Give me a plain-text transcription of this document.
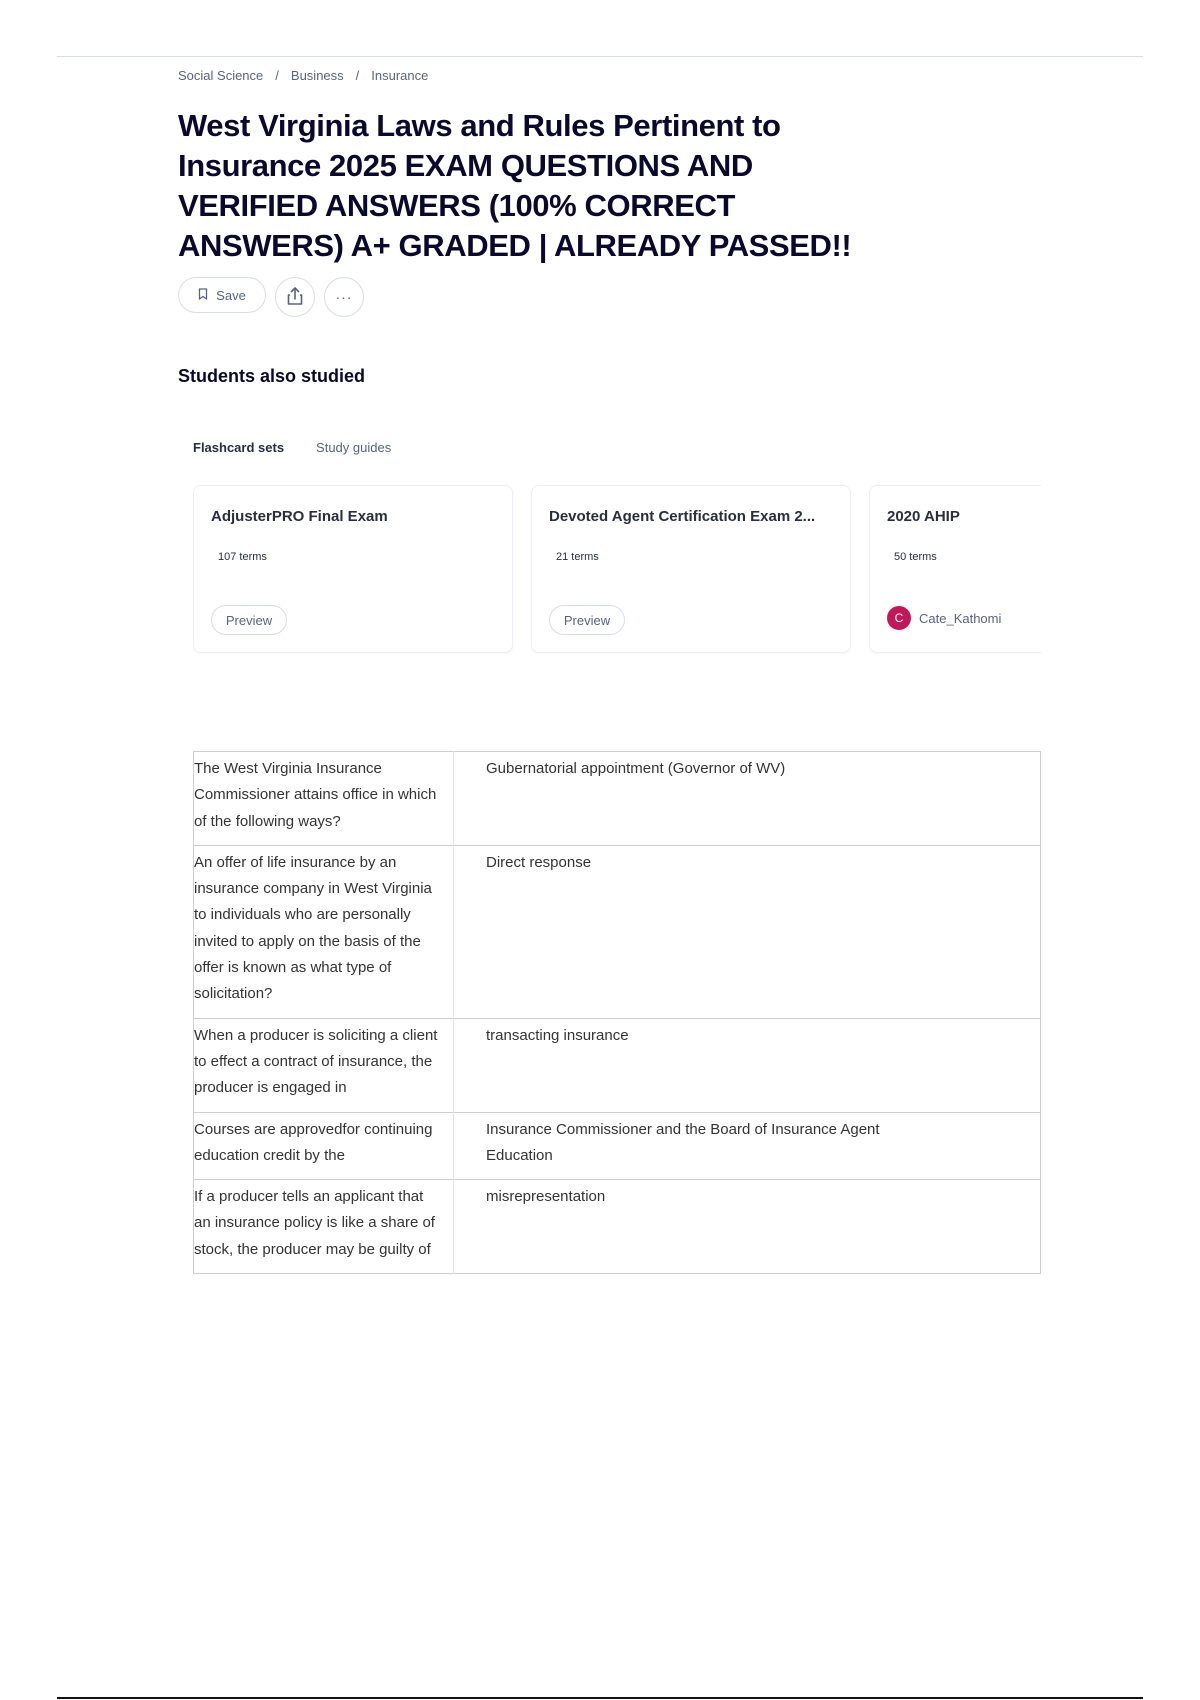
Social Science / Business / Insurance
West Virginia Laws and Rules Pertinent to Insurance 2025 EXAM QUESTIONS AND VERIFIED ANSWERS (100% CORRECT ANSWERS) A+ GRADED | ALREADY PASSED!!
Save	···
Students also studied
Flashcard sets Study guides
AdjusterPRO Final Exam
107 terms
Preview
Devoted Agent Certification Exam 2...
21 terms
Preview
2020 AHIP
50 terms
C	Cate_Kathomi
The West Virginia Insurance Commissioner attains office in which of the following ways?	Gubernatorial appointment (Governor of WV)
An offer of life insurance by an insurance company in West Virginia to individuals who are personally invited to apply on the basis of the offer is known as what type of solicitation?	Direct response
When a producer is soliciting a client to effect a contract of insurance, the producer is engaged in	transacting insurance
Courses are approvedfor continuing education credit by the	Insurance Commissioner and the Board of Insurance Agent Education
If a producer tells an applicant that an insurance policy is like a share of stock, the producer may be guilty of	misrepresentation
